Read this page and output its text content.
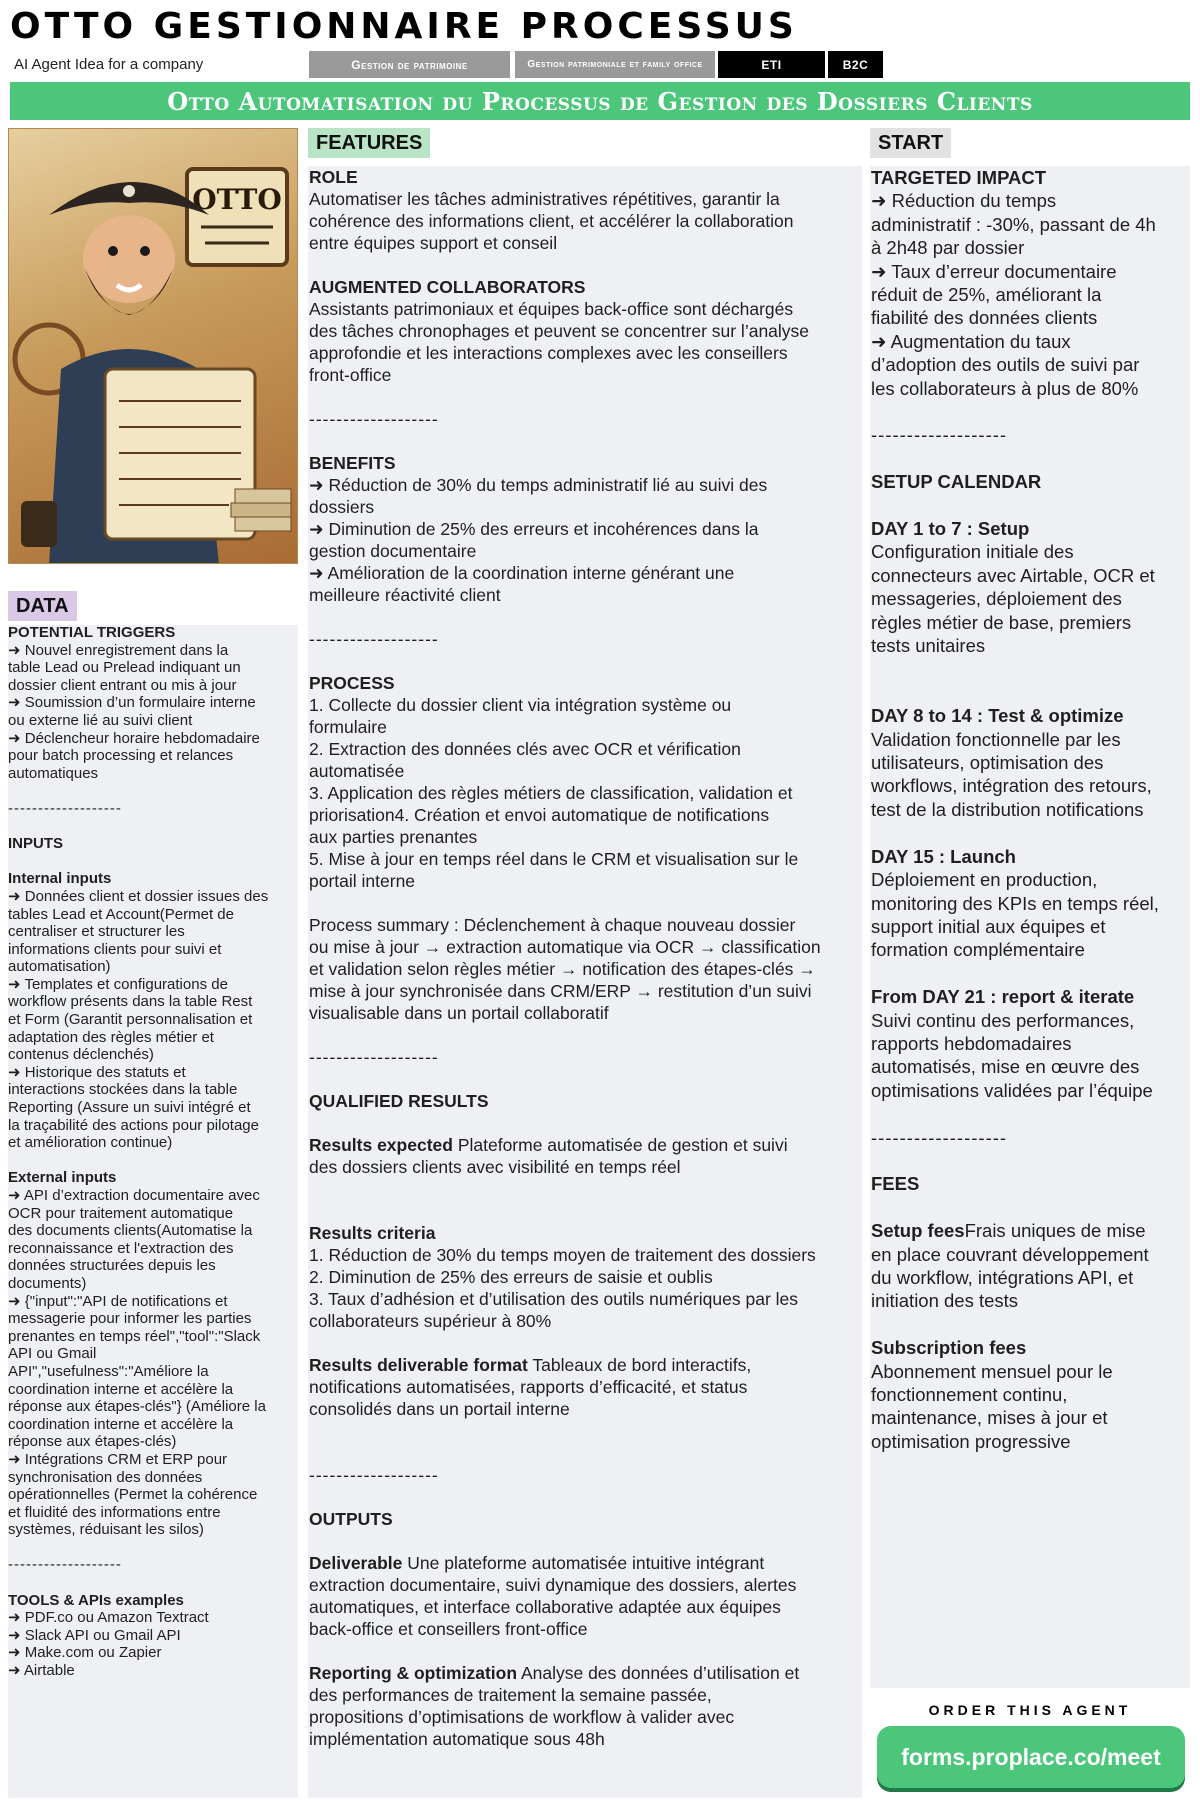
OTTO GESTIONNAIRE PROCESSUS
AI Agent Idea for a company	Gestion de patrimoine	Gestion patrimoniale et family office	ETI	B2C
Otto Automatisation du Processus de Gestion des Dossiers Clients
OTTO
DATA
FEATURES	START
POTENTIAL TRIGGERS
➜ Nouvel enregistrement dans la
table Lead ou Prelead indiquant un
dossier client entrant ou mis à jour
➜ Soumission d’un formulaire interne
ou externe lié au suivi client
➜ Déclencheur horaire hebdomadaire
pour batch processing et relances
automatiques
-------------------
INPUTS
Internal inputs
➜ Données client et dossier issues des
tables Lead et Account(Permet de
centraliser et structurer les
informations clients pour suivi et
automatisation)
➜ Templates et configurations de
workflow présents dans la table Rest
et Form (Garantit personnalisation et
adaptation des règles métier et
contenus déclenchés)
➜ Historique des statuts et
interactions stockées dans la table
Reporting (Assure un suivi intégré et
la traçabilité des actions pour pilotage
et amélioration continue)
External inputs
➜ API d’extraction documentaire avec
OCR pour traitement automatique
des documents clients(Automatise la
reconnaissance et l'extraction des
données structurées depuis les
documents)
➜ {"input":"API de notifications et
messagerie pour informer les parties
prenantes en temps réel","tool":"Slack
API ou Gmail
API","usefulness":"Améliore la
coordination interne et accélère la
réponse aux étapes-clés"} (Améliore la
coordination interne et accélère la
réponse aux étapes-clés)
➜ Intégrations CRM et ERP pour
synchronisation des données
opérationnelles (Permet la cohérence
et fluidité des informations entre
systèmes, réduisant les silos)
-------------------
TOOLS & APIs examples
➜ PDF.co ou Amazon Textract
➜ Slack API ou Gmail API
➜ Make.com ou Zapier
➜ Airtable
ROLE
Automatiser les tâches administratives répétitives, garantir la
cohérence des informations client, et accélérer la collaboration
entre équipes support et conseil
AUGMENTED COLLABORATORS
Assistants patrimoniaux et équipes back-office sont déchargés
des tâches chronophages et peuvent se concentrer sur l’analyse
approfondie et les interactions complexes avec les conseillers
front-office
-------------------
BENEFITS
➜ Réduction de 30% du temps administratif lié au suivi des
dossiers
➜ Diminution de 25% des erreurs et incohérences dans la
gestion documentaire
➜ Amélioration de la coordination interne générant une
meilleure réactivité client
-------------------
PROCESS
1. Collecte du dossier client via intégration système ou
formulaire
2. Extraction des données clés avec OCR et vérification
automatisée
3. Application des règles métiers de classification, validation et
priorisation4. Création et envoi automatique de notifications
aux parties prenantes
5. Mise à jour en temps réel dans le CRM et visualisation sur le
portail interne
Process summary : Déclenchement à chaque nouveau dossier
ou mise à jour → extraction automatique via OCR → classification
et validation selon règles métier → notification des étapes-clés →
mise à jour synchronisée dans CRM/ERP → restitution d’un suivi
visualisable dans un portail collaboratif
-------------------
QUALIFIED RESULTS
Results expected Plateforme automatisée de gestion et suivi
des dossiers clients avec visibilité en temps réel
Results criteria
1. Réduction de 30% du temps moyen de traitement des dossiers
2. Diminution de 25% des erreurs de saisie et oublis
3. Taux d’adhésion et d’utilisation des outils numériques par les
collaborateurs supérieur à 80%
Results deliverable format Tableaux de bord interactifs,
notifications automatisées, rapports d’efficacité, et status
consolidés dans un portail interne
-------------------
OUTPUTS
Deliverable Une plateforme automatisée intuitive intégrant
extraction documentaire, suivi dynamique des dossiers, alertes
automatiques, et interface collaborative adaptée aux équipes
back-office et conseillers front-office
Reporting & optimization Analyse des données d’utilisation et
des performances de traitement la semaine passée,
propositions d’optimisations de workflow à valider avec
implémentation automatique sous 48h
TARGETED IMPACT
➜ Réduction du temps
administratif : -30%, passant de 4h
à 2h48 par dossier
➜ Taux d’erreur documentaire
réduit de 25%, améliorant la
fiabilité des données clients
➜ Augmentation du taux
d’adoption des outils de suivi par
les collaborateurs à plus de 80%
-------------------
SETUP CALENDAR
DAY 1 to 7 : Setup
Configuration initiale des
connecteurs avec Airtable, OCR et
messageries, déploiement des
règles métier de base, premiers
tests unitaires
DAY 8 to 14 : Test & optimize
Validation fonctionnelle par les
utilisateurs, optimisation des
workflows, intégration des retours,
test de la distribution notifications
DAY 15 : Launch
Déploiement en production,
monitoring des KPIs en temps réel,
support initial aux équipes et
formation complémentaire
From DAY 21 : report & iterate
Suivi continu des performances,
rapports hebdomadaires
automatisés, mise en œuvre des
optimisations validées par l’équipe
-------------------
FEES
Setup feesFrais uniques de mise
en place couvrant développement
du workflow, intégrations API, et
initiation des tests
Subscription fees
Abonnement mensuel pour le
fonctionnement continu,
maintenance, mises à jour et
optimisation progressive
ORDER THIS AGENT
forms.proplace.co/meet
